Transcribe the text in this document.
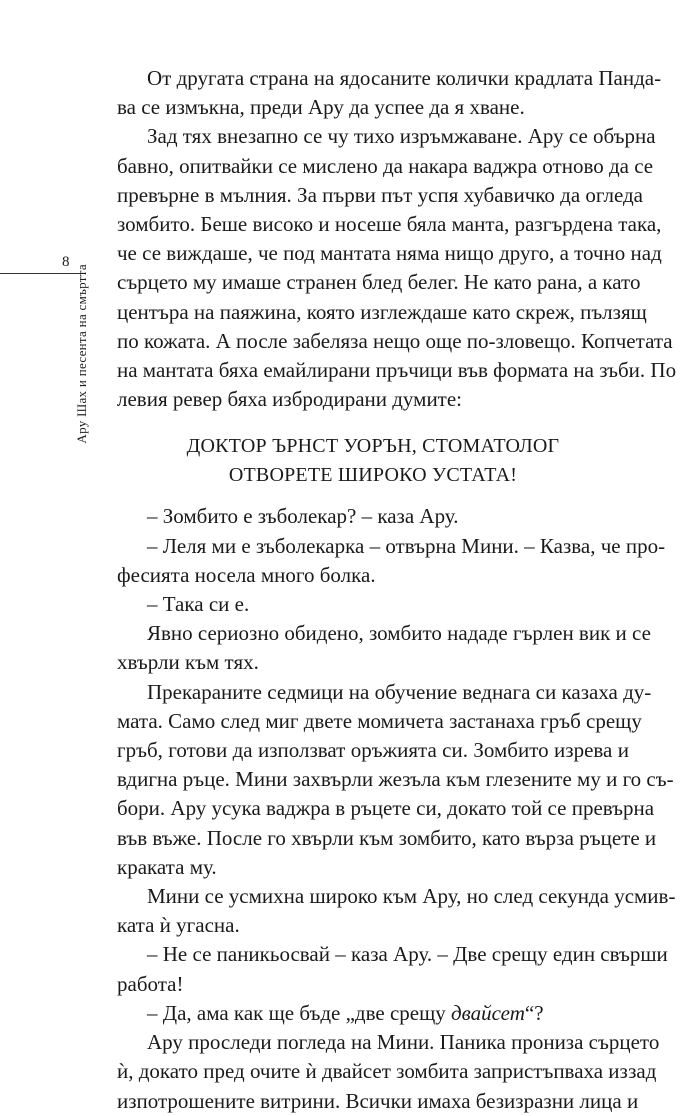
8
Ару Шах и песента на смъртта
От другата страна на ядосаните колички крадлата Панда-
ва се измъкна, преди Ару да успее да я хване.
Зад тях внезапно се чу тихо изръмжаване. Ару се обърна
бавно, опитвайки се мислено да накара ваджра отново да се
превърне в мълния. За първи път успя хубавичко да огледа
зомбито. Беше високо и носеше бяла манта, разгърдена така,
че се виждаше, че под мантата няма нищо друго, а точно над
сърцето му имаше странен блед белег. Не като рана, а като
центъра на паяжина, която изглеждаше като скреж, пълзящ
по кожата. А после забеляза нещо още по-зловещо. Копчетата
на мантата бяха емайлирани пръчици във формата на зъби. По
левия ревер бяха избродирани думите:
ДОКТОР ЪРНСТ УОРЪН, СТОМАТОЛОГ
ОТВОРЕТЕ ШИРОКО УСТАТА!
– Зомбито е зъболекар? – каза Ару.
– Леля ми е зъболекарка – отвърна Мини. – Казва, че про-
фесията носела много болка.
– Така си е.
Явно сериозно обидено, зомбито нададе гърлен вик и се
хвърли към тях.
Прекараните седмици на обучение веднага си казаха ду-
мата. Само след миг двете момичета застанаха гръб срещу
гръб, готови да използват оръжията си. Зомбито изрева и
вдигна ръце. Мини захвърли жезъла към глезените му и го съ-
бори. Ару усука ваджра в ръцете си, докато той се превърна
във въже. После го хвърли към зомбито, като върза ръцете и
краката му.
Мини се усмихна широко към Ару, но след секунда усмив-
ката ѝ угасна.
– Не се паникьосвай – каза Ару. – Две срещу един свърши
работа!
– Да, ама как ще бъде „две срещу двайсет“?
Ару проследи погледа на Мини. Паника прониза сърцето
ѝ, докато пред очите ѝ двайсет зомбита запристъпваха иззад
изпотрошените витрини. Всички имаха безизразни лица и
